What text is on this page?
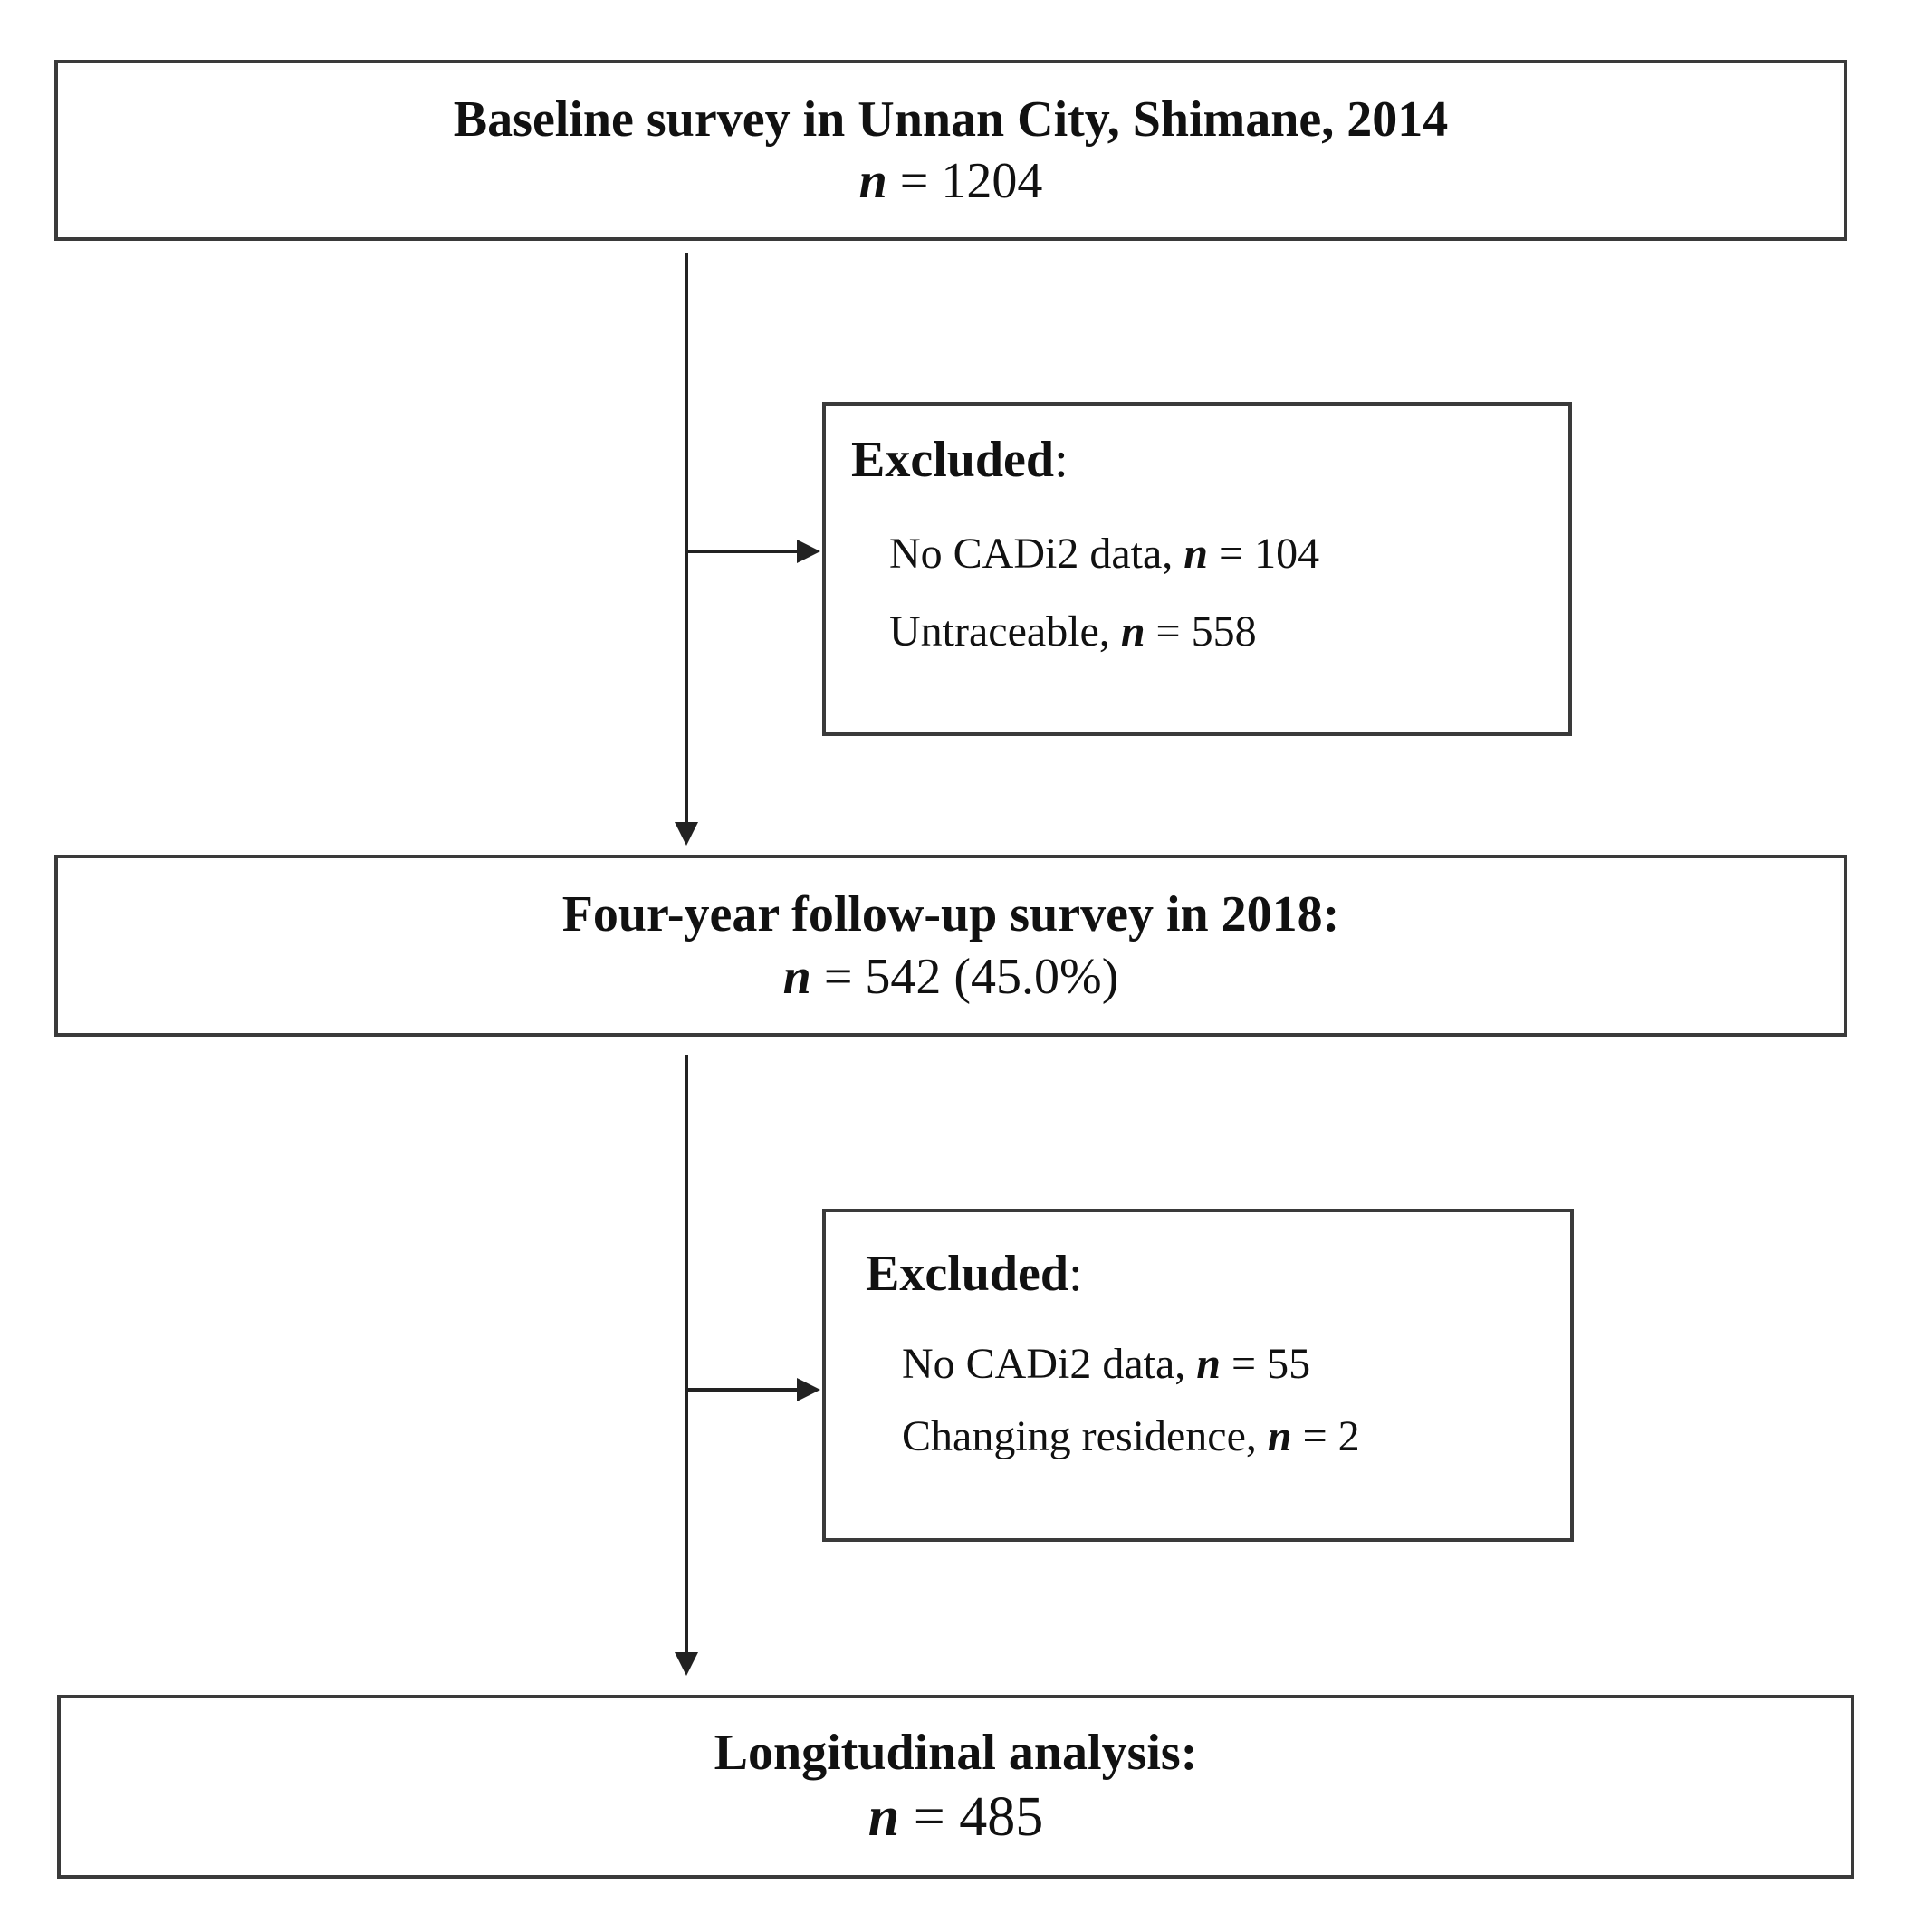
Baseline survey in Unnan City, Shimane, 2014
n = 1204
Excluded:
No CADi2 data, n = 104
Untraceable, n = 558
Four-year follow-up survey in 2018:
n = 542 (45.0%)
Excluded:
No CADi2 data, n = 55
Changing residence, n = 2
Longitudinal analysis:
n = 485
